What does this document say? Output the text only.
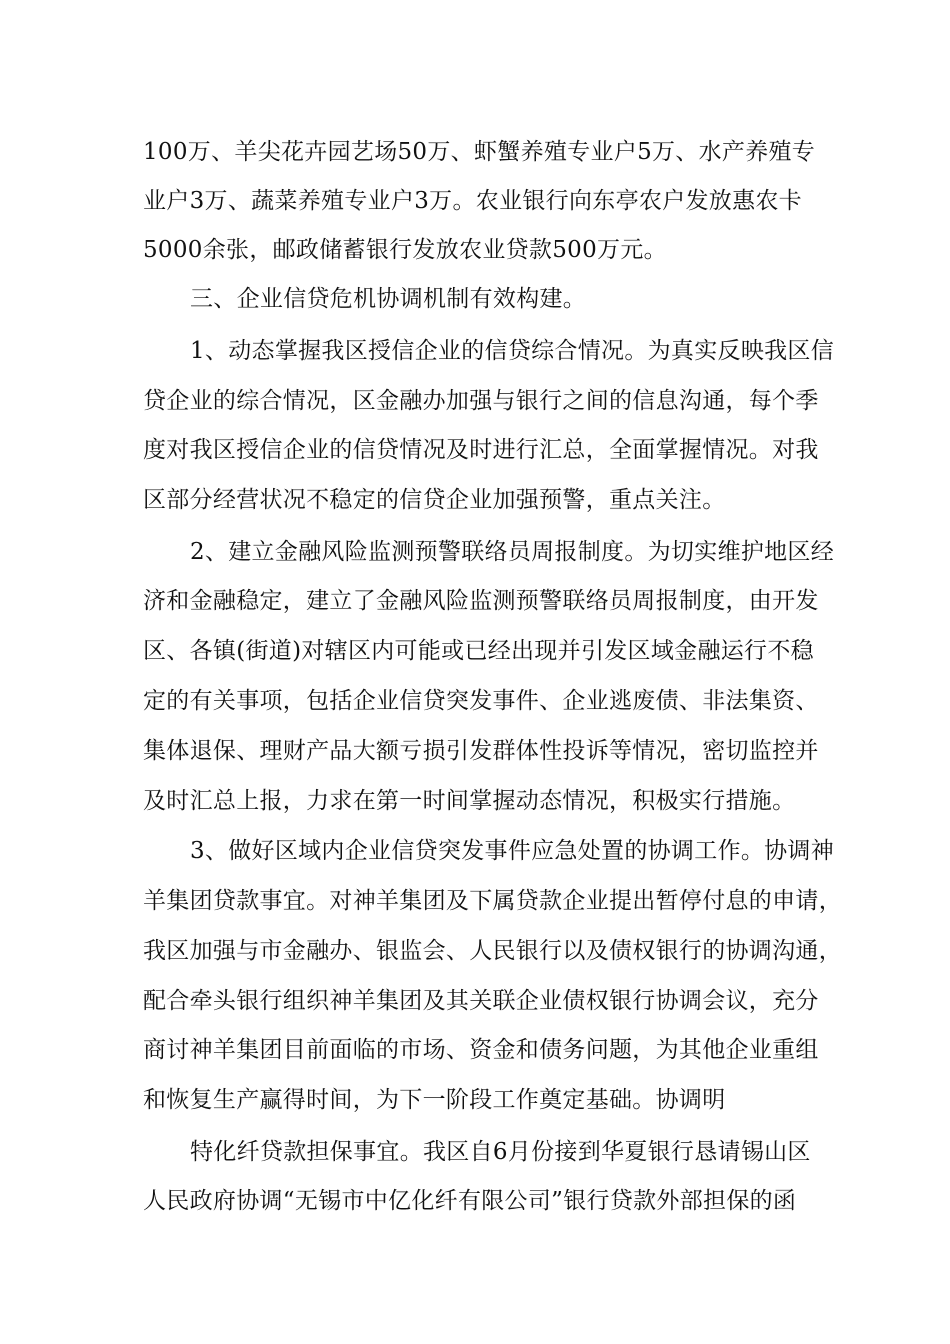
100万、羊尖花卉园艺场50万、虾蟹养殖专业户5万、水产养殖专
业户3万、蔬菜养殖专业户3万。农业银行向东亭农户发放惠农卡
5000余张，邮政储蓄银行发放农业贷款500万元。
三、企业信贷危机协调机制有效构建。
1、动态掌握我区授信企业的信贷综合情况。为真实反映我区信
贷企业的综合情况，区金融办加强与银行之间的信息沟通，每个季
度对我区授信企业的信贷情况及时进行汇总，全面掌握情况。对我
区部分经营状况不稳定的信贷企业加强预警，重点关注。
2、建立金融风险监测预警联络员周报制度。为切实维护地区经
济和金融稳定，建立了金融风险监测预警联络员周报制度，由开发
区、各镇(街道)对辖区内可能或已经出现并引发区域金融运行不稳
定的有关事项，包括企业信贷突发事件、企业逃废债、非法集资、
集体退保、理财产品大额亏损引发群体性投诉等情况，密切监控并
及时汇总上报，力求在第一时间掌握动态情况，积极实行措施。
3、做好区域内企业信贷突发事件应急处置的协调工作。协调神
羊集团贷款事宜。对神羊集团及下属贷款企业提出暂停付息的申请，
我区加强与市金融办、银监会、人民银行以及债权银行的协调沟通，
配合牵头银行组织神羊集团及其关联企业债权银行协调会议，充分
商讨神羊集团目前面临的市场、资金和债务问题，为其他企业重组
和恢复生产赢得时间，为下一阶段工作奠定基础。协调明
特化纤贷款担保事宜。我区自6月份接到华夏银行恳请锡山区
人民政府协调“无锡市中亿化纤有限公司”银行贷款外部担保的函
